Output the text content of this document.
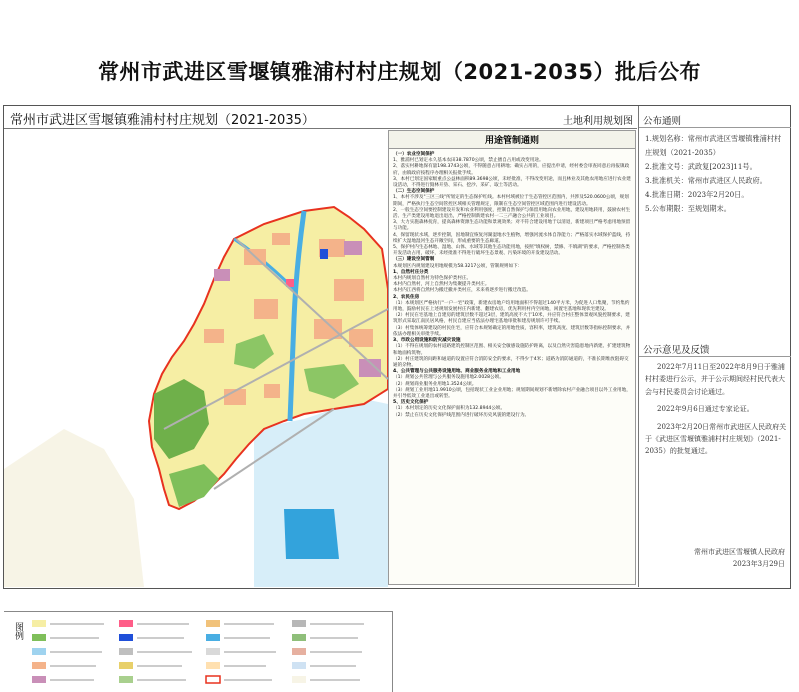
常州市武进区雪堰镇雅浦村村庄规划（2021-2035）批后公布
常州市武进区雪堰镇雅浦村村庄规划（2021-2035）	土地利用规划图
图例
用途管制通则

（一）农业空间保护

1、雅浦村已划定永久基本农田38.7870公顷，禁止擅自占用或改变用途。

2、落实村耕地保有量198.3743公顷，不得随意占用耕地；确实占用的，应提出申请，经村委会审查同意后再报镇政府，由镇政府按程序办理相关报批手续。

3、本村已划定国家级重点公益林面积89.3698公顷，未经批准，不得改变用途，而且林业及其他农用地应进行农业建设活动，不得进行毁林开垦、采石、挖沙、采矿、取土等活动。

（二）生态空间保护

1、本村不涉及"三区三线"所划定的生态保护红线。本村村域被位于生态管控区范围内，共涉及520.0600公顷，规划期间，严格执行生态空间管控区域相关管理规定，限制在生态空间管控区域范围内进行建设活动。

2、一般生态空间要控制建设开发和农业利用强度，控制自然保护与保留用地向农业用地，建设用地转用，鼓励农村生活、生产类建设用地退出退出，严格控制新建农村一二三产融合公共的工业项目。

3、大力实施森林抚育，提高森林资源生态功能和景观效果；对不符合建设用地于以清退，新建项目严格考虑用地预留与功能。

4、保留现状水域，逐步控制，因地制宜恢复河湖湿地水生植物，增强河流水体自净能力；严格落实水域保护蓝线，持续扩大湿地湿河生态开敞空间，形成重要的生态廊道。

5、保护村内生态林地、湿地、山体、水域等其他生态功能用地，按照"填权树，禁修、不填湖"的要求，严格控制各类开发活动占用，破坏，未经批准不得进行破坏生态景观、污染环境的开发建设活动。

（三）建设空间管制

本规划区内规划建设用地规模为58.3217公顷，管制规则如下：

1、自然村庄分类

本村内规划自然村为特色保护类村庄。

本村内自然村，河上自然村为集聚提升类村庄。

本村内江西将自然村为搬迁撤并类村庄，未来将逐步进行搬迁改造。

2、农民住房

（1）本规划区严格执行"一户一宅"政策，新建农房地户均用地面积不得超过140平方米，为促进人口集聚，节约集约用地，鼓励村民在上述规划发展村庄内新建、翻建农房，优先利用村内空闲地，闲置宅基地和现状宅建设。

（2）村民在宅基地上自建房的建筑层数不超过3层，建筑高度不大于10米，并应符合村庄整体景观风貌控制要求，建筑形式采取江南民居风格，村民自建应当依法办理宅基地审批和建房规划许可手续。

（3）村集体统筹建设的村民住宅，应符合本规划确定的用地性质，容积率，建筑高度、建筑层数等指标控制要求，并依法办理相关审批手续。

3、市政公用设施和防灾减灾设施

（1）不得在规划的农村道路建筑控制区范围、相关安全敏感设施防护距离，以及自然灾害隐患地内新建、扩建建筑物和地面构筑物。

（2）村庄建筑的间距和通道的设置应符合消防安全的要求，不得少于4米；道路为消防通道的，不准长期堆放阻碍交通的杂物。

4、公共管理与公共服务设施用地、商业服务业用地和工业用地

（1）规划公共管理与公共服务设施用地2.0028公顷。

（2）规划商业服务业用地1.3524公顷。

（3）规划工业用地11.9910公顷，包括现状工业企业用地；规划期间规划不新增除农村产业融合项目以外工业用地，并引导低效工业退出或转型。

5、历史文化保护

（1）本村划定的历史文化保护面积为132.8944公顷。

（2）禁止在历史文化保护线范围内进行破坏历史风貌的建设行为。

公布通则

1.规划名称：常州市武进区雪堰镇雅浦村村庄规划（2021-2035）

2.批准文号：武政复[2023]11号。

3.批准机关：常州市武进区人民政府。

4.批准日期：2023年2月20日。

5.公布期限：至规划期末。

公示意见及反馈

2022年7月11日至2022年8月9日于雅浦村村委进行公示，并于公示期间经村民代表大会与村民委员会讨论通过。

2022年9月6日通过专家论证。

2023年2月20日常州市武进区人民政府关于《武进区雪堰镇雅浦村村庄规划》（2021-2035）的批复通过。

常州市武进区雪堰镇人民政府
2023年3月29日
